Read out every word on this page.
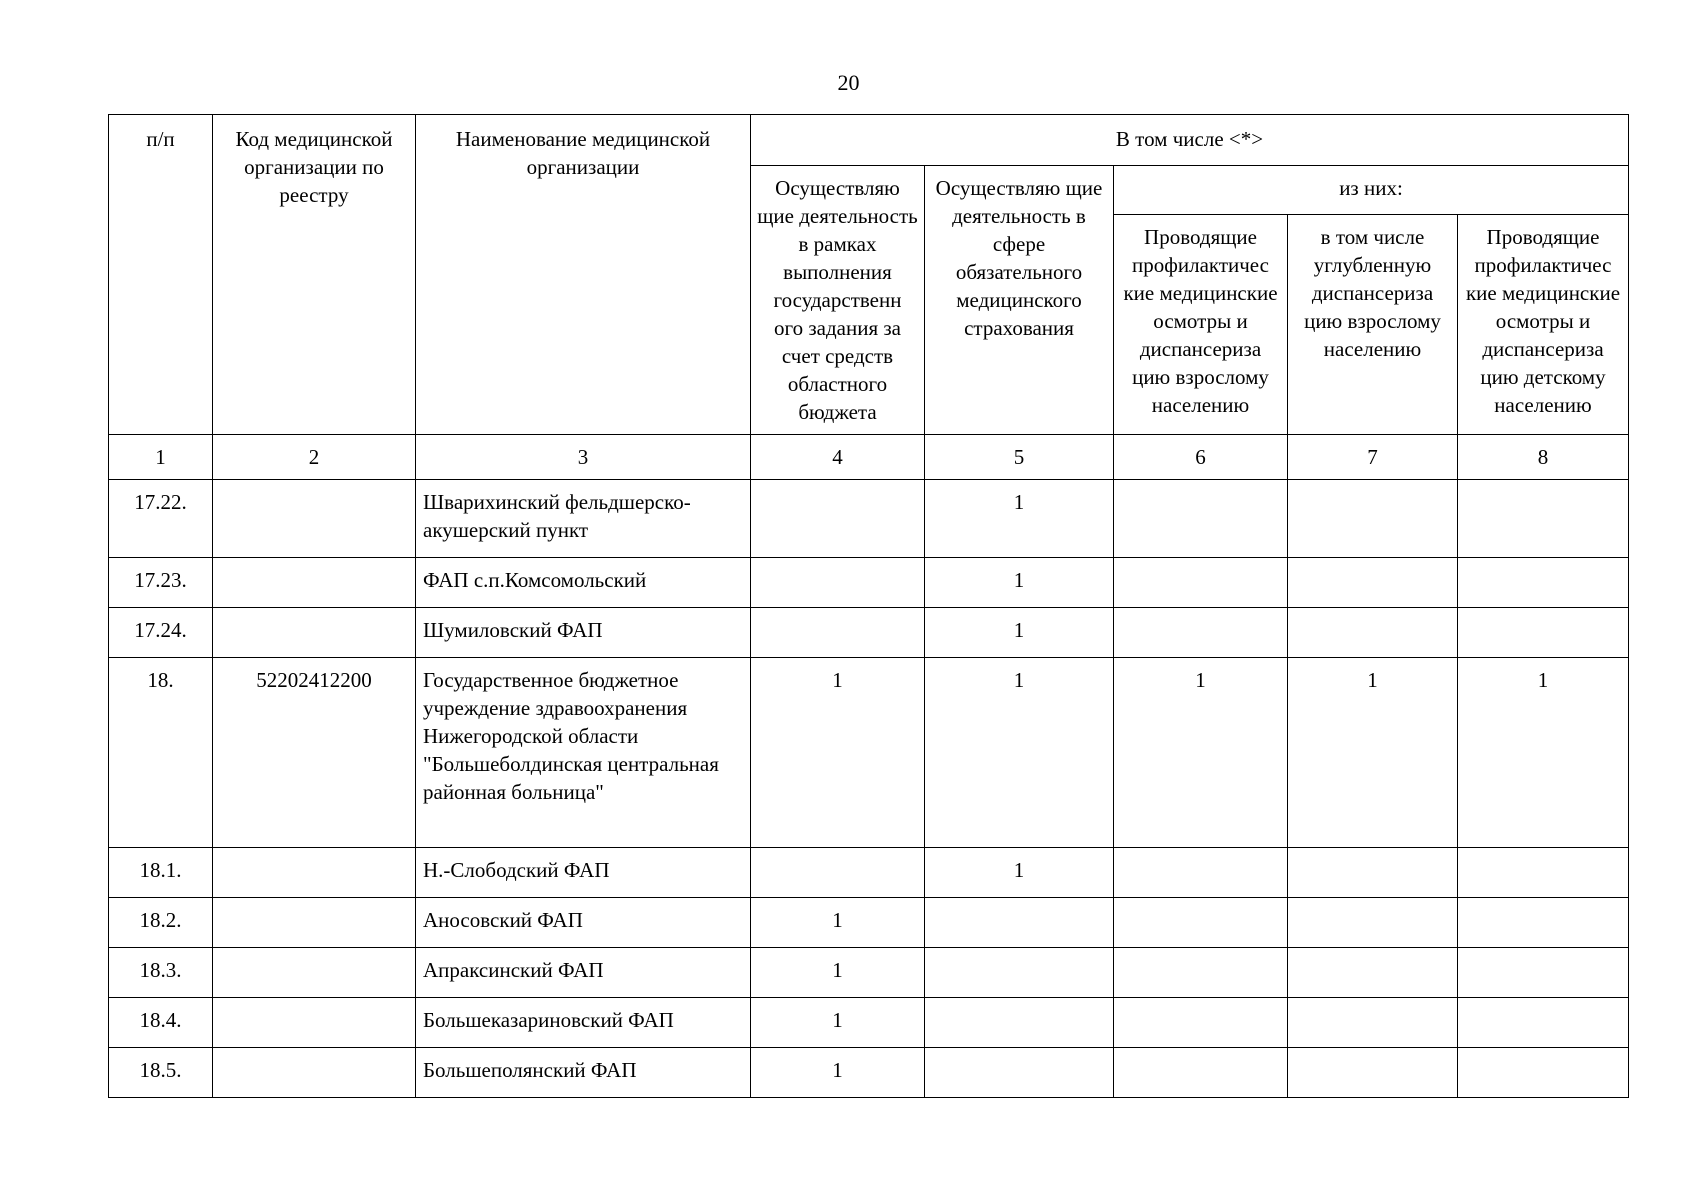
20
п/п	Код медицинской организации по реестру	Наименование медицинской организации	В том числе <*>				
			Осуществляю щие деятельность в рамках выполнения государственн ого задания за счет средств областного бюджета	Осуществляю щие деятельность в сфере обязательного медицинского страхования	из них:		
					Проводящие профилактичес кие медицинские осмотры и диспансериза цию взрослому населению	в том числе углубленную диспансериза цию взрослому населению	Проводящие профилактичес кие медицинские осмотры и диспансериза цию детскому населению
1	2	3	4	5	6	7	8
17.22.		Шварихинский фельдшерско-акушерский пункт		1			
17.23.		ФАП с.п.Комсомольский		1			
17.24.		Шумиловский ФАП		1			
18.	52202412200	Государственное бюджетное учреждение здравоохранения Нижегородской области "Большеболдинская центральная районная больница"	1	1	1	1	1
18.1.		Н.-Слободский ФАП		1			
18.2.		Аносовский ФАП	1				
18.3.		Апраксинский ФАП	1				
18.4.		Большеказариновский ФАП	1				
18.5.		Большеполянский ФАП	1				
